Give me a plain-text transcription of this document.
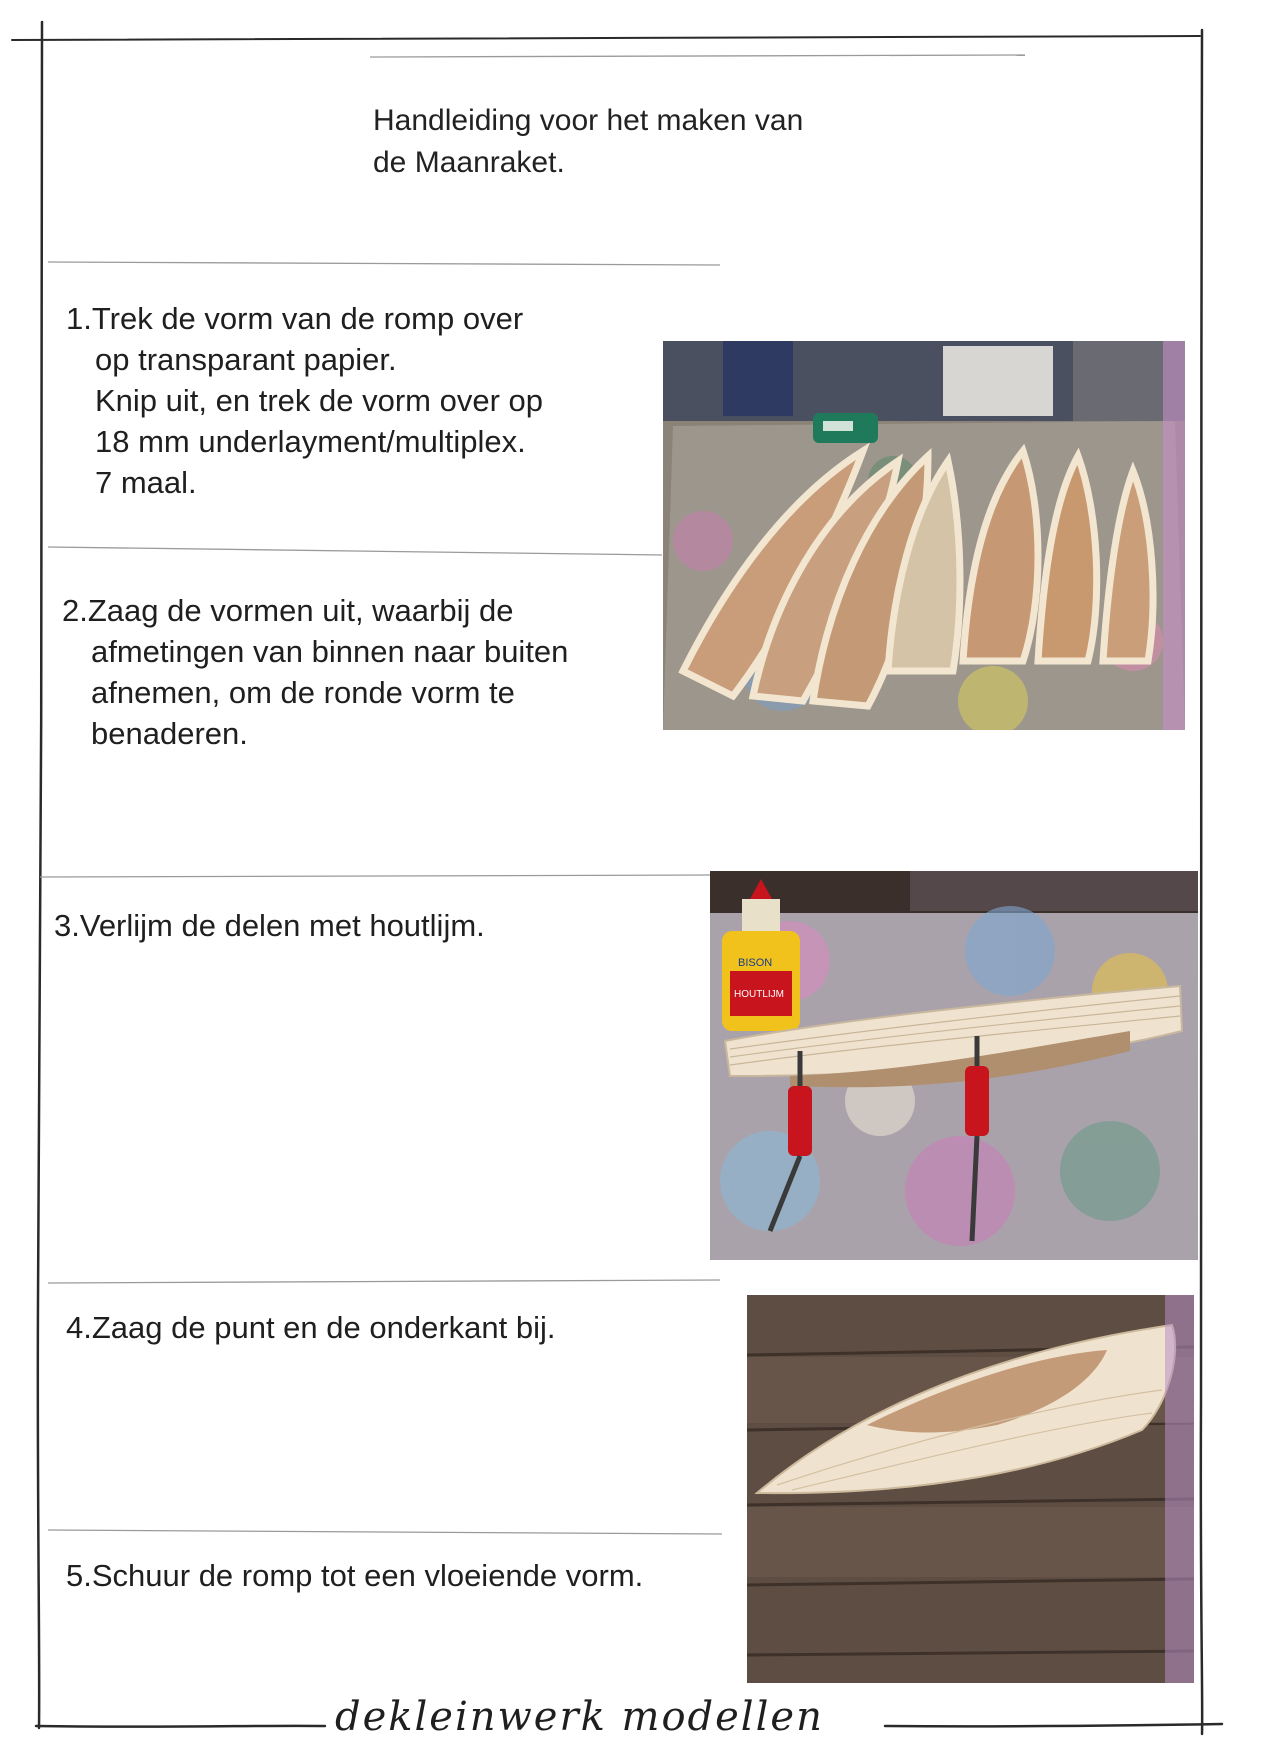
Handleiding voor het maken van
de Maanraket.
1.Trek de vorm van de romp over
op transparant papier.
Knip uit, en trek de vorm over op
18 mm underlayment/multiplex.
7 maal.
2.Zaag de vormen uit, waarbij de
afmetingen van binnen naar buiten
afnemen, om de ronde vorm te
benaderen.
3.Verlijm de delen met houtlijm.
4.Zaag de punt en de onderkant bij.
5.Schuur de romp tot een vloeiende vorm.
BISON
HOUTLIJM
dekleinwerk modellen
